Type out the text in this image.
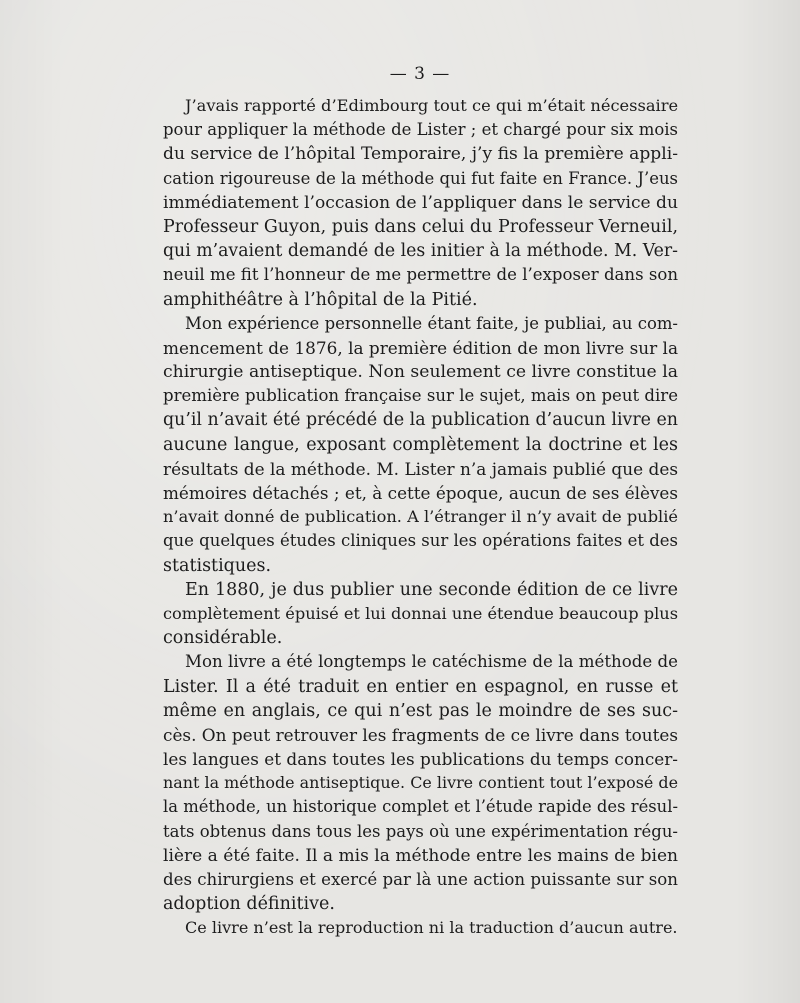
— 3 —

J’avais rapporté d’Edimbourg tout ce qui m’était nécessaire
pour appliquer la méthode de Lister ; et chargé pour six mois
du service de l’hôpital Temporaire, j’y fis la première appli-
cation rigoureuse de la méthode qui fut faite en France. J’eus
immédiatement l’occasion de l’appliquer dans le service du
Professeur Guyon, puis dans celui du Professeur Verneuil,
qui m’avaient demandé de les initier à la méthode. M. Ver-
neuil me fit l’honneur de me permettre de l’exposer dans son
amphithéâtre à l’hôpital de la Pitié.

Mon expérience personnelle étant faite, je publiai, au com-
mencement de 1876, la première édition de mon livre sur la
chirurgie antiseptique. Non seulement ce livre constitue la
première publication française sur le sujet, mais on peut dire
qu’il n’avait été précédé de la publication d’aucun livre en
aucune langue, exposant complètement la doctrine et les
résultats de la méthode. M. Lister n’a jamais publié que des
mémoires détachés ; et, à cette époque, aucun de ses élèves
n’avait donné de publication. A l’étranger il n’y avait de publié
que quelques études cliniques sur les opérations faites et des
statistiques.

En 1880, je dus publier une seconde édition de ce livre
complètement épuisé et lui donnai une étendue beaucoup plus
considérable.

Mon livre a été longtemps le catéchisme de la méthode de
Lister. Il a été traduit en entier en espagnol, en russe et
même en anglais, ce qui n’est pas le moindre de ses suc-
cès. On peut retrouver les fragments de ce livre dans toutes
les langues et dans toutes les publications du temps concer-
nant la méthode antiseptique. Ce livre contient tout l’exposé de
la méthode, un historique complet et l’étude rapide des résul-
tats obtenus dans tous les pays où une expérimentation régu-
lière a été faite. Il a mis la méthode entre les mains de bien
des chirurgiens et exercé par là une action puissante sur son
adoption définitive.

Ce livre n’est la reproduction ni la traduction d’aucun autre.
